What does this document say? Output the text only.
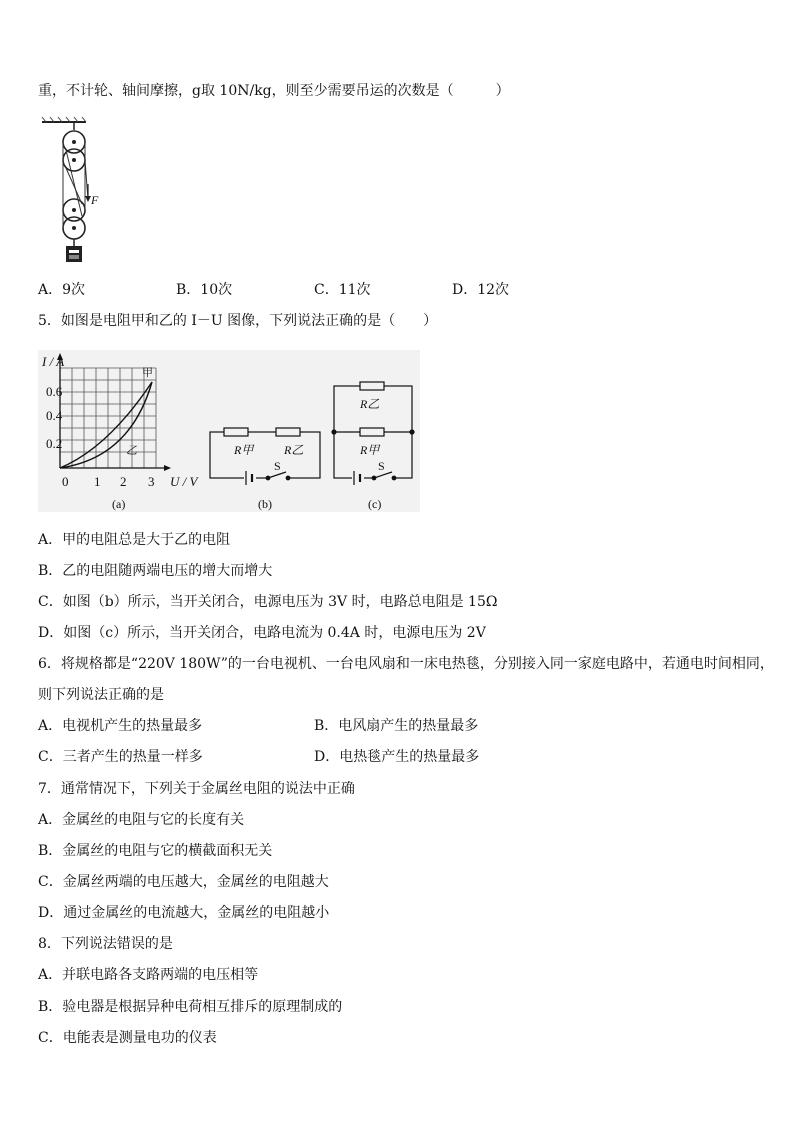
重，不计轮、轴间摩擦，g取 10N/kg，则至少需要吊运的次数是（　　　）
F
A．9次	B．10次	C．11次	D．12次
5．如图是电阻甲和乙的 I－U 图像，下列说法正确的是（　　）
甲
乙
I / A
0.6
0.4
0.2
0 1 2 3 U / V
(a)
R甲	R乙
S
(b)
R乙
R甲
S
(c)
A．甲的电阻总是大于乙的电阻
B．乙的电阻随两端电压的增大而增大
C．如图（b）所示，当开关闭合，电源电压为 3V 时，电路总电阻是 15Ω
D．如图（c）所示，当开关闭合，电路电流为 0.4A 时，电源电压为 2V
6．将规格都是“220V 180W”的一台电视机、一台电风扇和一床电热毯，分别接入同一家庭电路中，若通电时间相同，
则下列说法正确的是
A．电视机产生的热量最多	B．电风扇产生的热量最多
C．三者产生的热量一样多	D．电热毯产生的热量最多
7．通常情况下，下列关于金属丝电阻的说法中正确
A．金属丝的电阻与它的长度有关
B．金属丝的电阻与它的横截面积无关
C．金属丝两端的电压越大，金属丝的电阻越大
D．通过金属丝的电流越大，金属丝的电阻越小
8．下列说法错误的是
A．并联电路各支路两端的电压相等
B．验电器是根据异种电荷相互排斥的原理制成的
C．电能表是测量电功的仪表
